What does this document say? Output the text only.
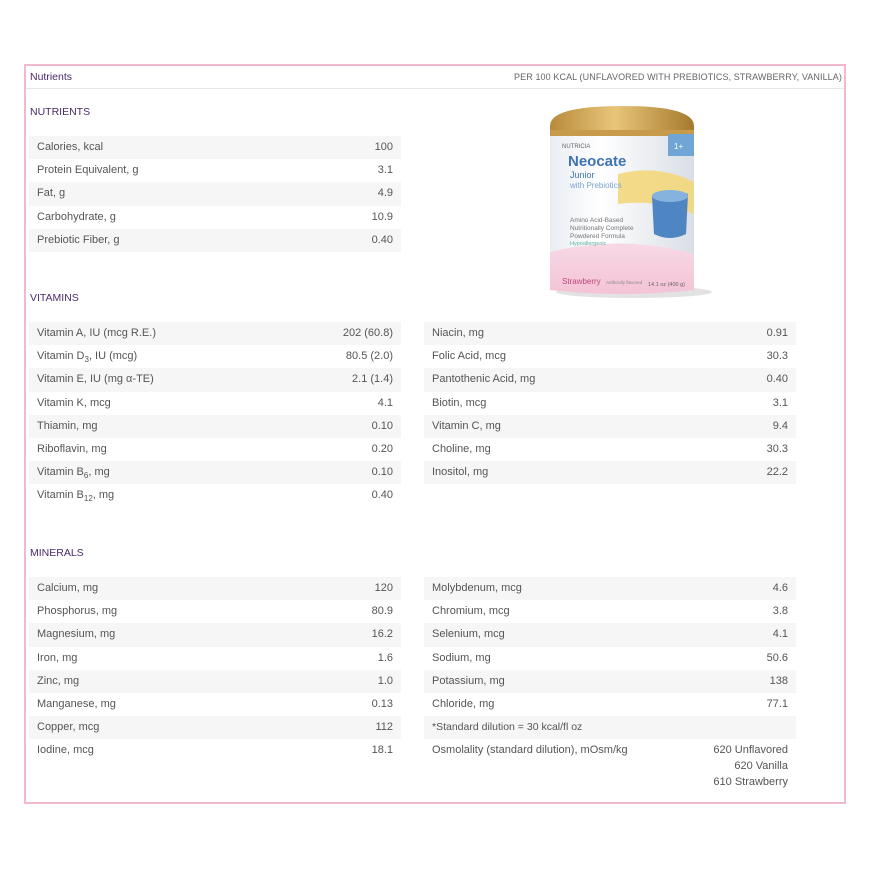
Nutrients	PER 100 KCAL (UNFLAVORED WITH PREBIOTICS, STRAWBERRY, VANILLA)
NUTRIENTS
Calories, kcal	100
Protein Equivalent, g	3.1
Fat, g	4.9
Carbohydrate, g	10.9
Prebiotic Fiber, g	0.40
NUTRICIA
Neocate
Junior
with Prebiotics
1+
Amino Acid-Based
Nutritionally Complete
Powdered Formula
Hypoallergenic
Strawberry Artificially flavored 14.1 oz (400 g)
VITAMINS
Vitamin A, IU (mcg R.E.)	202 (60.8)
Vitamin $D_3$, IU (mcg)	80.5 (2.0)
Vitamin E, IU (mg α-TE)	2.1 (1.4)
Vitamin K, mcg	4.1
Thiamin, mg	0.10
Riboflavin, mg	0.20
Vitamin $B_6$, mg	0.10
Vitamin $B_{12}$, mg	0.40
Niacin, mg	0.91
Folic Acid, mcg	30.3
Pantothenic Acid, mg	0.40
Biotin, mcg	3.1
Vitamin C, mg	9.4
Choline, mg	30.3
Inositol, mg	22.2
MINERALS
Calcium, mg	120
Phosphorus, mg	80.9
Magnesium, mg	16.2
Iron, mg	1.6
Zinc, mg	1.0
Manganese, mg	0.13
Copper, mcg	112
Iodine, mcg	18.1
Molybdenum, mcg	4.6
Chromium, mcg	3.8
Selenium, mcg	4.1
Sodium, mg	50.6
Potassium, mg	138
Chloride, mg	77.1
*Standard dilution = 30 kcal/fl oz
Osmolality (standard dilution), mOsm/kg	620 Unflavored
620 Vanilla
610 Strawberry
